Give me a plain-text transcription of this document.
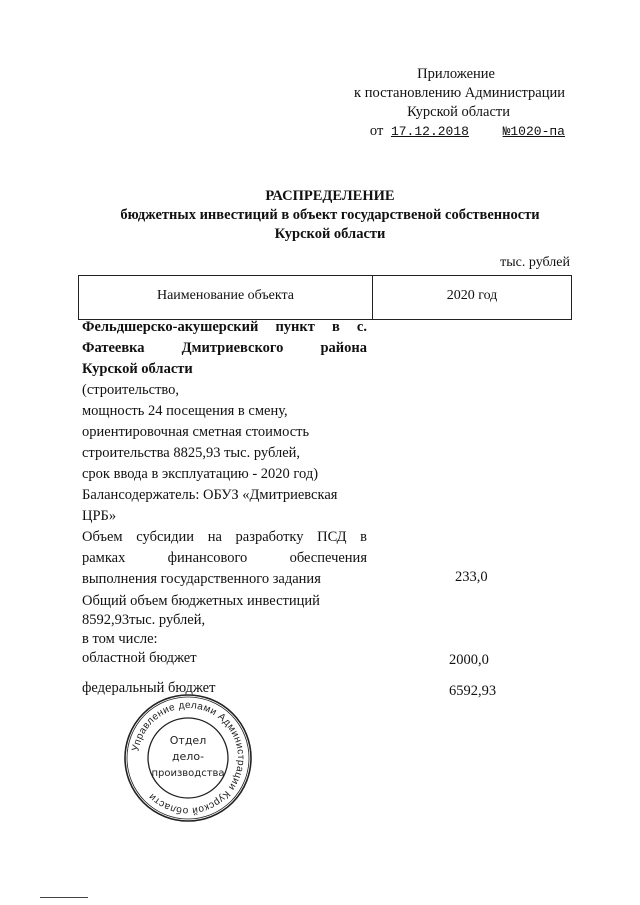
Приложение
к постановлению Администрации
Курской области
от 17.12.2018	№1020-па
РАСПРЕДЕЛЕНИЕ
бюджетных инвестиций в объект государственой собственности
Курской области
тыс. рублей
Наименование объекта	2020 год
Фельдшерско-акушерский пункт в с.
Фатеевка Дмитриевского района
Курской области
(строительство,
мощность 24 посещения в смену,
ориентировочная сметная стоимость
строительства 8825,93 тыс. рублей,
срок ввода в эксплуатацию - 2020 год)
Балансодержатель: ОБУЗ «Дмитриевская
ЦРБ»
Объем субсидии на разработку ПСД в
рамках финансового обеспечения
выполнения государственного задания	233,0
Общий объем бюджетных инвестиций
8592,93тыс. рублей,
в том числе:
областной бюджет	2000,0
федеральный бюджет	6592,93
Управление делами Администрации Курской области
Отдел
дело-
производства
